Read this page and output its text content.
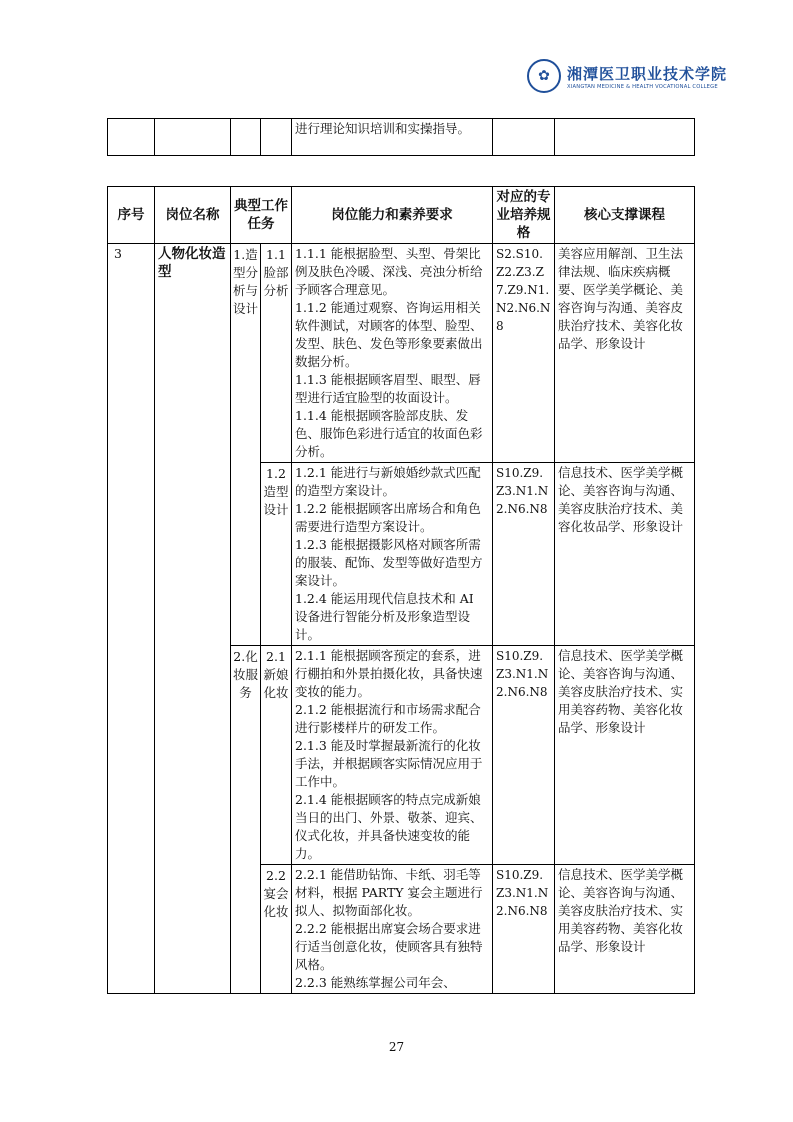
✿	湘潭医卫职业技术学院
XIANGTAN MEDICINE & HEALTH VOCATIONAL COLLEGE
				进行理论知识培训和实操指导。		
序号	岗位名称	典型工作任务		岗位能力和素养要求	对应的专业培养规格	核心支撑课程
3	人物化妆造型	1.造型分析与设计	1.1脸部分析	1.1.1 能根据脸型、头型、骨架比例及肤色冷暖、深浅、亮浊分析给予顾客合理意见。

1.1.2 能通过观察、咨询运用相关软件测试，对顾客的体型、脸型、发型、肤色、发色等形象要素做出数据分析。

1.1.3 能根据顾客眉型、眼型、唇型进行适宜脸型的妆面设计。

1.1.4 能根据顾客脸部皮肤、发色、服饰色彩进行适宜的妆面色彩分析。	S2.S10.Z2.Z3.Z7.Z9.N1.N2.N6.N8	美容应用解剖、卫生法律法规、临床疾病概要、医学美学概论、美容咨询与沟通、美容皮肤治疗技术、美容化妆品学、形象设计
			1.2造型设计	1.2.1 能进行与新娘婚纱款式匹配的造型方案设计。

1.2.2 能根据顾客出席场合和角色需要进行造型方案设计。

1.2.3 能根据摄影风格对顾客所需的服装、配饰、发型等做好造型方案设计。

1.2.4 能运用现代信息技术和 AI 设备进行智能分析及形象造型设计。	S10.Z9.Z3.N1.N2.N6.N8	信息技术、医学美学概论、美容咨询与沟通、美容皮肤治疗技术、美容化妆品学、形象设计
		2.化妆服务	2.1新娘化妆	2.1.1 能根据顾客预定的套系，进行棚拍和外景拍摄化妆，具备快速变妆的能力。

2.1.2 能根据流行和市场需求配合进行影楼样片的研发工作。

2.1.3 能及时掌握最新流行的化妆手法，并根据顾客实际情况应用于工作中。

2.1.4 能根据顾客的特点完成新娘当日的出门、外景、敬茶、迎宾、仪式化妆，并具备快速变妆的能力。	S10.Z9.Z3.N1.N2.N6.N8	信息技术、医学美学概论、美容咨询与沟通、美容皮肤治疗技术、实用美容药物、美容化妆品学、形象设计
			2.2宴会化妆	2.2.1 能借助钻饰、卡纸、羽毛等材料，根据 PARTY 宴会主题进行拟人、拟物面部化妆。

2.2.2 能根据出席宴会场合要求进行适当创意化妆，使顾客具有独特风格。

2.2.3 能熟练掌握公司年会、	S10.Z9.Z3.N1.N2.N6.N8	信息技术、医学美学概论、美容咨询与沟通、美容皮肤治疗技术、实用美容药物、美容化妆品学、形象设计
27
